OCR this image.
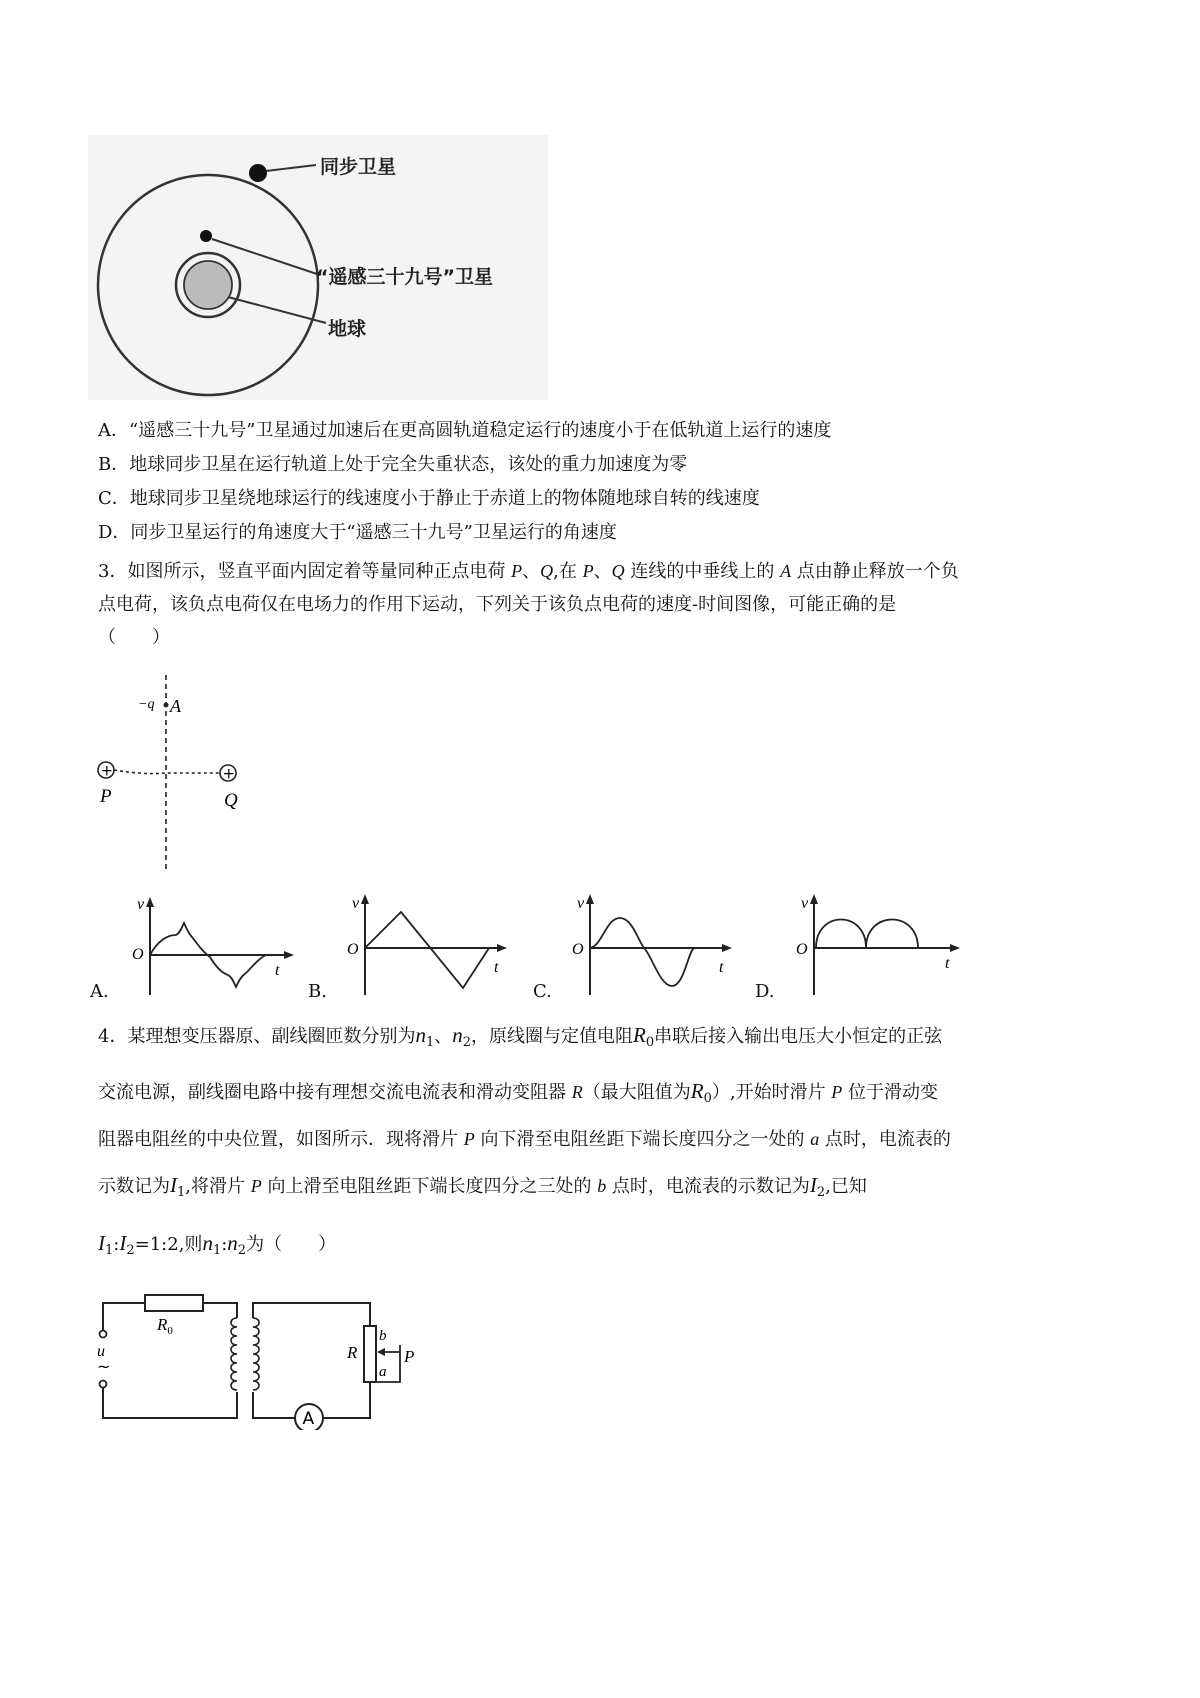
同步卫星
“遥感三十九号”卫星
地球
A．“遥感三十九号”卫星通过加速后在更高圆轨道稳定运行的速度小于在低轨道上运行的速度
B．地球同步卫星在运行轨道上处于完全失重状态，该处的重力加速度为零
C．地球同步卫星绕地球运行的线速度小于静止于赤道上的物体随地球自转的线速度
D．同步卫星运行的角速度大于“遥感三十九号”卫星运行的角速度
3．如图所示，竖直平面内固定着等量同种正点电荷 P、Q,在 P、Q 连线的中垂线上的 A 点由静止释放一个负
点电荷，该负点电荷仅在电场力的作用下运动，下列关于该负点电荷的速度-时间图像，可能正确的是
（　　）
−q A
+	+
P	Q
A.
v
O
t
B.
v
O
t
C.
v
O
t
D.
v
O
t
4．某理想变压器原、副线圈匝数分别为$n_1$、$n_2$，原线圈与定值电阻$R_0$串联后接入输出电压大小恒定的正弦
交流电源，副线圈电路中接有理想交流电流表和滑动变阻器 R（最大阻值为$R_0$）,开始时滑片 P 位于滑动变
阻器电阻丝的中央位置，如图所示．现将滑片 P 向下滑至电阻丝距下端长度四分之一处的 a 点时，电流表的
示数记为$I_1$,将滑片 P 向上滑至电阻丝距下端长度四分之三处的 b 点时，电流表的示数记为$I_2$,已知
$I_1:I_2=1:2$,则$n_1:n_2$为（　　）
$R_0$
u
~
A
R
b
a
P
